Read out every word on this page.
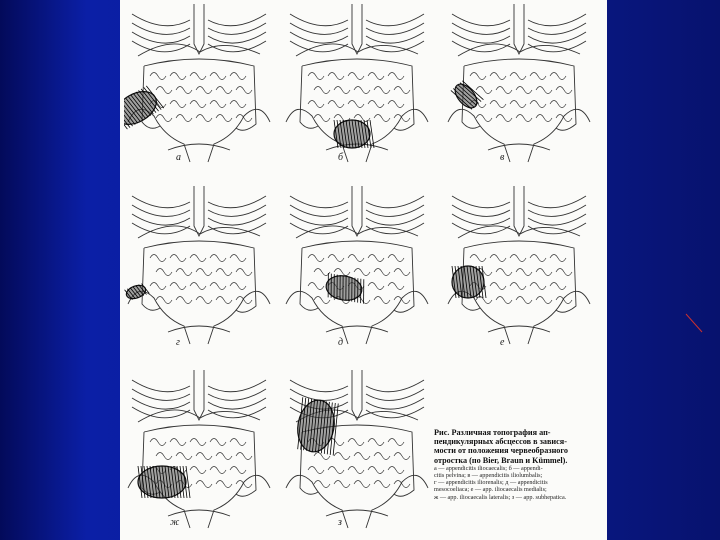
а	б	в
г	д	е
ж	з
Рис. Различная топография ап-
пендикулярных абсцессов в завися-
мости от положения червеобразного
отростка (по Bier, Braun и Kümmel).
а — appendicitis iliocaecalis; б — appendi-
citis pelvina; в — appendicitis iliolumbalis;
г — appendicitis iliorenalis; д — appendicitis
mesocoeliaca; е — app. iliocaecalis medialis;
ж — app. iliocaecalis lateralis; з — app. subhepatica.
